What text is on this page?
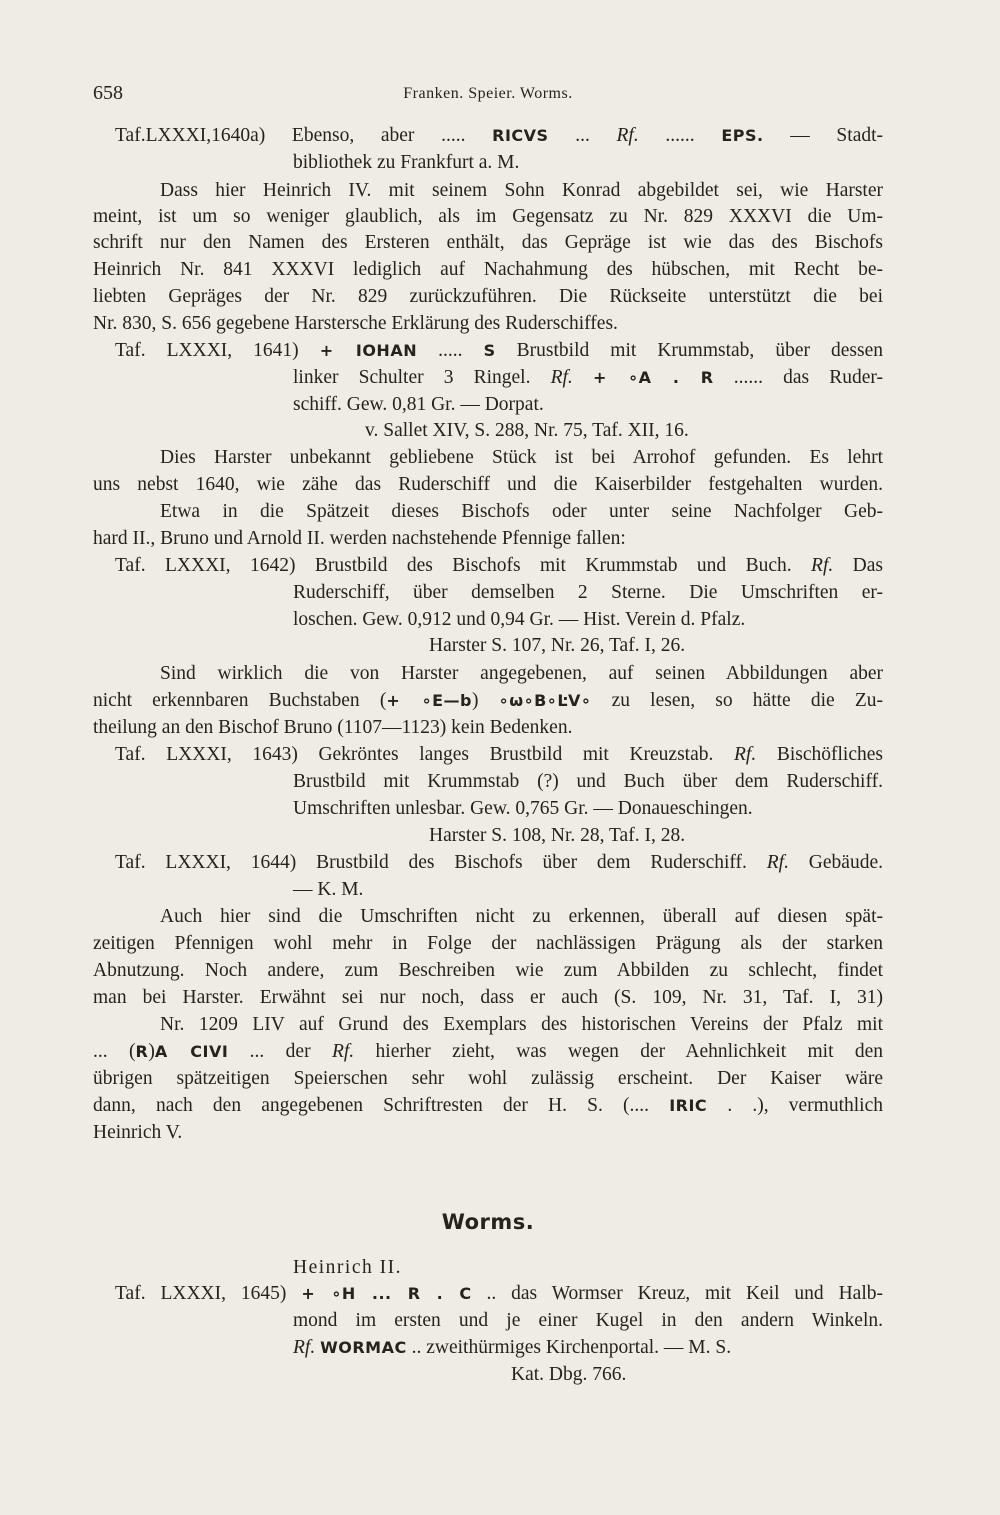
658	Franken. Speier. Worms.
Taf.LXXXI,1640a) Ebenso, aber ..... RICVS ... Rf. ...... EPS. — Stadt-
bibliothek zu Frankfurt a. M.
Dass hier Heinrich IV. mit seinem Sohn Konrad abgebildet sei, wie Harster
meint, ist um so weniger glaublich, als im Gegensatz zu Nr. 829 XXXVI die Um-
schrift nur den Namen des Ersteren enthält, das Gepräge ist wie das des Bischofs
Heinrich Nr. 841 XXXVI lediglich auf Nachahmung des hübschen, mit Recht be-
liebten Gepräges der Nr. 829 zurückzuführen. Die Rückseite unterstützt die bei
Nr. 830, S. 656 gegebene Harstersche Erklärung des Ruderschiffes.
Taf. LXXXI, 1641) + IOHAN ..... S Brustbild mit Krummstab, über dessen
linker Schulter 3 Ringel. Rf. + ∘A . R ...... das Ruder-
schiff. Gew. 0,81 Gr. — Dorpat.
v. Sallet XIV, S. 288, Nr. 75, Taf. XII, 16.
Dies Harster unbekannt gebliebene Stück ist bei Arrohof gefunden. Es lehrt
uns nebst 1640, wie zähe das Ruderschiff und die Kaiserbilder festgehalten wurden.
Etwa in die Spätzeit dieses Bischofs oder unter seine Nachfolger Geb-
hard II., Bruno und Arnold II. werden nachstehende Pfennige fallen:
Taf. LXXXI, 1642) Brustbild des Bischofs mit Krummstab und Buch. Rf. Das
Ruderschiff, über demselben 2 Sterne. Die Umschriften er-
loschen. Gew. 0,912 und 0,94 Gr. — Hist. Verein d. Pfalz.
Harster S. 107, Nr. 26, Taf. I, 26.
Sind wirklich die von Harster angegebenen, auf seinen Abbildungen aber
nicht erkennbaren Buchstaben (+ ∘E—b) ∘ω∘B∘ĿV∘ zu lesen, so hätte die Zu-
theilung an den Bischof Bruno (1107—1123) kein Bedenken.
Taf. LXXXI, 1643) Gekröntes langes Brustbild mit Kreuzstab. Rf. Bischöfliches
Brustbild mit Krummstab (?) und Buch über dem Ruderschiff.
Umschriften unlesbar. Gew. 0,765 Gr. — Donaueschingen.
Harster S. 108, Nr. 28, Taf. I, 28.
Taf. LXXXI, 1644) Brustbild des Bischofs über dem Ruderschiff. Rf. Gebäude.
— K. M.
Auch hier sind die Umschriften nicht zu erkennen, überall auf diesen spät-
zeitigen Pfennigen wohl mehr in Folge der nachlässigen Prägung als der starken
Abnutzung. Noch andere, zum Beschreiben wie zum Abbilden zu schlecht, findet
man bei Harster. Erwähnt sei nur noch, dass er auch (S. 109, Nr. 31, Taf. I, 31)
Nr. 1209 LIV auf Grund des Exemplars des historischen Vereins der Pfalz mit
... (R)A CIVI ... der Rf. hierher zieht, was wegen der Aehnlichkeit mit den
übrigen spätzeitigen Speierschen sehr wohl zulässig erscheint. Der Kaiser wäre
dann, nach den angegebenen Schriftresten der H. S. (.... IRIC . .), vermuthlich
Heinrich V.
Worms.
Heinrich II.
Taf. LXXXI, 1645) + ∘H ... R . C .. das Wormser Kreuz, mit Keil und Halb-
mond im ersten und je einer Kugel in den andern Winkeln.
Rf. WORMAC .. zweithürmiges Kirchenportal. — M. S.
Kat. Dbg. 766.
